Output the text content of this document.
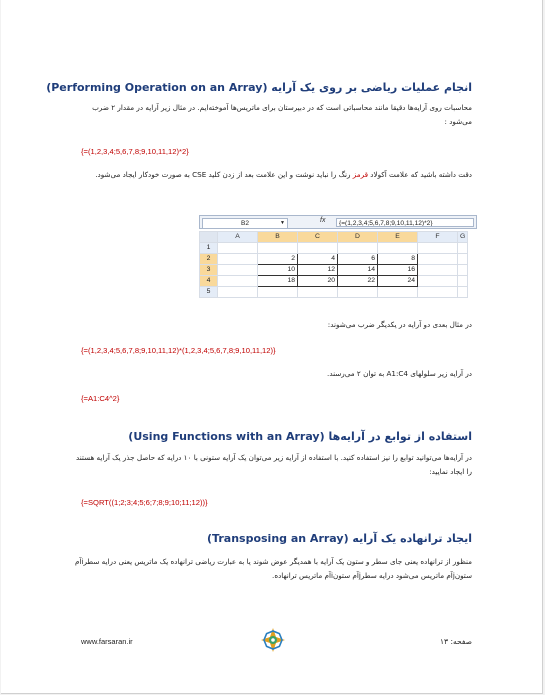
انجام عملیات ریاضی بر روی یک آرایه (Performing Operation on an Array)
محاسبات روی آرایه‌ها دقیقا مانند محاسباتی است که در دبیرستان برای ماتریس‌ها آموخته‌ایم. در مثال زیر آرایه در مقدار ۲ ضرب می‌شود :
{=(1,2,3,4;5,6,7,8;9,10,11,12)*2}
دقت داشته باشید که علامت آکولاد قرمز رنگ را نباید نوشت و این علامت بعد از زدن کلید CSE به صورت خودکار ایجاد می‌شود.
B2	▼	fx	{=(1,2,3,4;5,6,7,8;9,10,11,12)*2}
	A	B	C	D	E	F	G
1							
2		2	4	6	8		
3		10	12	14	16		
4		18	20	22	24		
5							
در مثال بعدی دو آرایه در یکدیگر ضرب می‌شوند:
{=(1,2,3,4;5,6,7,8;9,10,11,12)*(1,2,3,4;5,6,7,8;9,10,11,12)}
در آرایه زیر سلولهای A1:C4 به توان ۲ می‌رسند.
{=A1:C4^2}
استفاده از توابع در آرایه‌ها (Using Functions with an Array)
در آرایه‌ها می‌توانید توابع را نیز استفاده کنید. با استفاده از آرایه زیر می‌توان یک آرایه ستونی با ۱۰ درایه که حاصل جذر یک آرایه هستند را ایجاد نمایید:
{=SQRT((1;2;3;4;5;6;7;8;9;10;11;12))}
ایجاد ترانهاده یک آرایه (Transposing an Array)
منظور از ترانهاده یعنی جای سطر و ستون یک آرایه با همدیگر عوض شوند یا به عبارت ریاضی ترانهاده یک ماتریس یعنی درایه سطرiآم ستونjآم ماتریس می‌شود درایه سطرjآم ستونiآم ماتریس ترانهاده.
www.farsaran.ir	صفحه: ۱۳
